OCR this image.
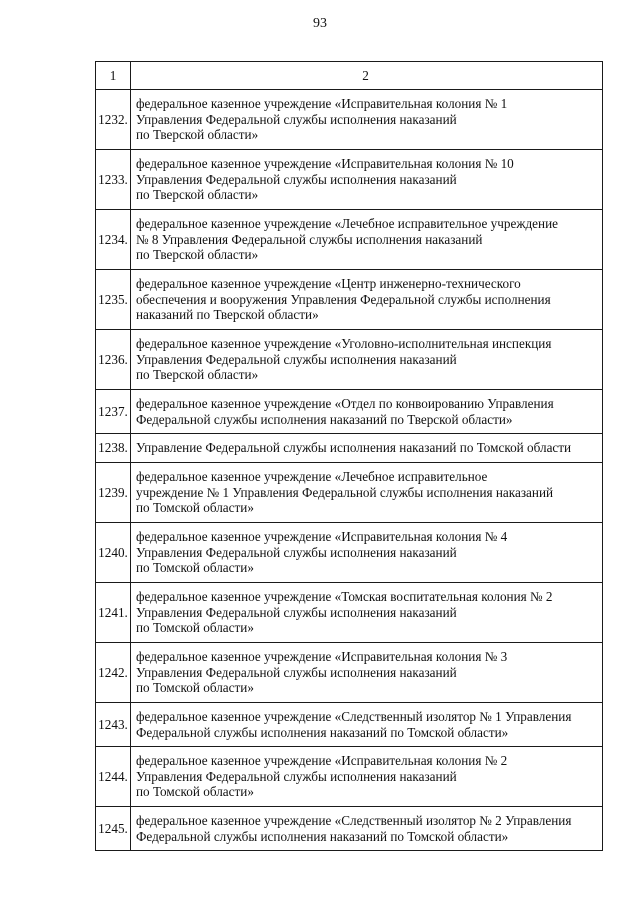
93
1	2
1232.	федеральное казенное учреждение «Исправительная колония № 1
Управления Федеральной службы исполнения наказаний
по Тверской области»

1233.	федеральное казенное учреждение «Исправительная колония № 10
Управления Федеральной службы исполнения наказаний
по Тверской области»

1234.	федеральное казенное учреждение «Лечебное исправительное учреждение
№ 8 Управления Федеральной службы исполнения наказаний
по Тверской области»

1235.	федеральное казенное учреждение «Центр инженерно-технического
обеспечения и вооружения Управления Федеральной службы исполнения
наказаний по Тверской области»

1236.	федеральное казенное учреждение «Уголовно-исполнительная инспекция
Управления Федеральной службы исполнения наказаний
по Тверской области»

1237.	федеральное казенное учреждение «Отдел по конвоированию Управления
Федеральной службы исполнения наказаний по Тверской области»

1238.	Управление Федеральной службы исполнения наказаний по Томской области

1239.	федеральное казенное учреждение «Лечебное исправительное
учреждение № 1 Управления Федеральной службы исполнения наказаний
по Томской области»

1240.	федеральное казенное учреждение «Исправительная колония № 4
Управления Федеральной службы исполнения наказаний
по Томской области»

1241.	федеральное казенное учреждение «Томская воспитательная колония № 2
Управления Федеральной службы исполнения наказаний
по Томской области»

1242.	федеральное казенное учреждение «Исправительная колония № 3
Управления Федеральной службы исполнения наказаний
по Томской области»

1243.	федеральное казенное учреждение «Следственный изолятор № 1 Управления
Федеральной службы исполнения наказаний по Томской области»

1244.	федеральное казенное учреждение «Исправительная колония № 2
Управления Федеральной службы исполнения наказаний
по Томской области»

1245.	федеральное казенное учреждение «Следственный изолятор № 2 Управления
Федеральной службы исполнения наказаний по Томской области»
